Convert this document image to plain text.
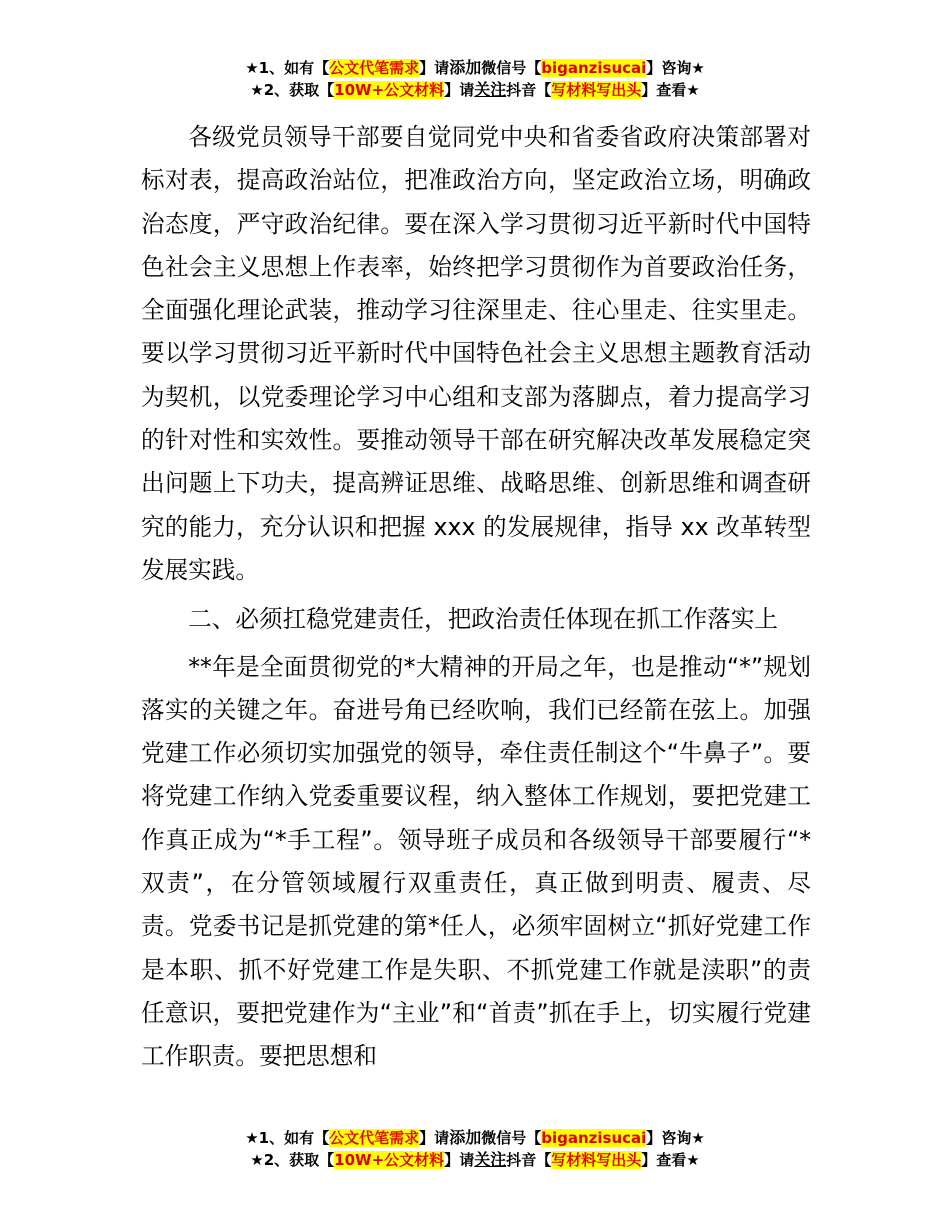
★1、如有【公文代笔需求】请添加微信号【biganzisucai】咨询★
★2、获取【10W+公文材料】请关注抖音【写材料写出头】查看★

各级党员领导干部要自觉同党中央和省委省政府决策部署对标对表，提高政治站位，把准政治方向，坚定政治立场，明确政治态度，严守政治纪律。要在深入学习贯彻习近平新时代中国特色社会主义思想上作表率，始终把学习贯彻作为首要政治任务，全面强化理论武装，推动学习往深里走、往心里走、往实里走。要以学习贯彻习近平新时代中国特色社会主义思想主题教育活动为契机，以党委理论学习中心组和支部为落脚点，着力提高学习的针对性和实效性。要推动领导干部在研究解决改革发展稳定突出问题上下功夫，提高辨证思维、战略思维、创新思维和调查研究的能力，充分认识和把握 xxx 的发展规律，指导 xx 改革转型发展实践。

二、必须扛稳党建责任，把政治责任体现在抓工作落实上

**年是全面贯彻党的*大精神的开局之年，也是推动“*”规划落实的关键之年。奋进号角已经吹响，我们已经箭在弦上。加强党建工作必须切实加强党的领导，牵住责任制这个“牛鼻子”。要将党建工作纳入党委重要议程，纳入整体工作规划，要把党建工作真正成为“*手工程”。领导班子成员和各级领导干部要履行“*双责”，在分管领域履行双重责任，真正做到明责、履责、尽责。党委书记是抓党建的第*任人，必须牢固树立“抓好党建工作是本职、抓不好党建工作是失职、不抓党建工作就是渎职”的责任意识，要把党建作为“主业”和“首责”抓在手上，切实履行党建工作职责。要把思想和

★1、如有【公文代笔需求】请添加微信号【biganzisucai】咨询★
★2、获取【10W+公文材料】请关注抖音【写材料写出头】查看★
